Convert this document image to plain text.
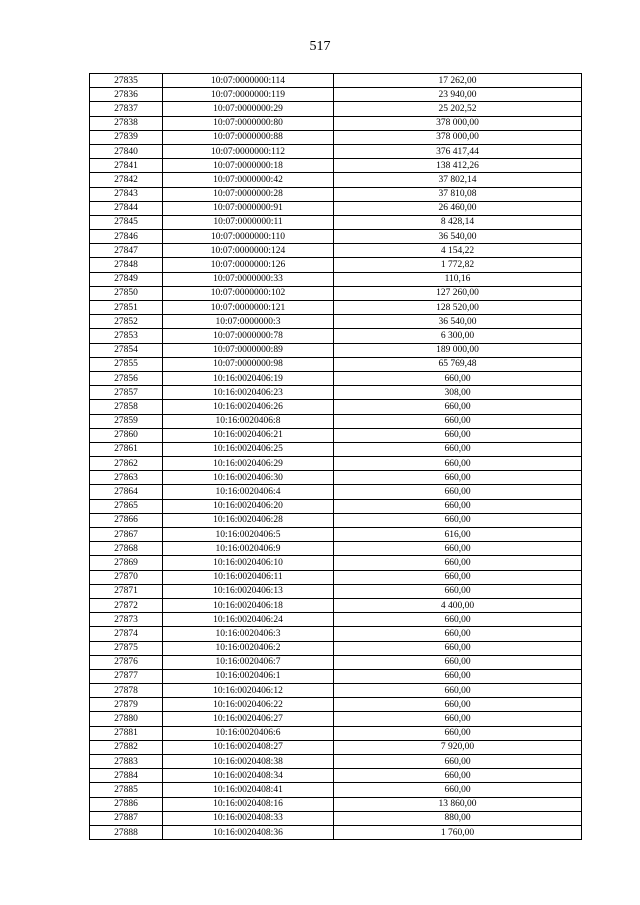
517
27835	10:07:0000000:114	17 262,00
27836	10:07:0000000:119	23 940,00
27837	10:07:0000000:29	25 202,52
27838	10:07:0000000:80	378 000,00
27839	10:07:0000000:88	378 000,00
27840	10:07:0000000:112	376 417,44
27841	10:07:0000000:18	138 412,26
27842	10:07:0000000:42	37 802,14
27843	10:07:0000000:28	37 810,08
27844	10:07:0000000:91	26 460,00
27845	10:07:0000000:11	8 428,14
27846	10:07:0000000:110	36 540,00
27847	10:07:0000000:124	4 154,22
27848	10:07:0000000:126	1 772,82
27849	10:07:0000000:33	110,16
27850	10:07:0000000:102	127 260,00
27851	10:07:0000000:121	128 520,00
27852	10:07:0000000:3	36 540,00
27853	10:07:0000000:78	6 300,00
27854	10:07:0000000:89	189 000,00
27855	10:07:0000000:98	65 769,48
27856	10:16:0020406:19	660,00
27857	10:16:0020406:23	308,00
27858	10:16:0020406:26	660,00
27859	10:16:0020406:8	660,00
27860	10:16:0020406:21	660,00
27861	10:16:0020406:25	660,00
27862	10:16:0020406:29	660,00
27863	10:16:0020406:30	660,00
27864	10:16:0020406:4	660,00
27865	10:16:0020406:20	660,00
27866	10:16:0020406:28	660,00
27867	10:16:0020406:5	616,00
27868	10:16:0020406:9	660,00
27869	10:16:0020406:10	660,00
27870	10:16:0020406:11	660,00
27871	10:16:0020406:13	660,00
27872	10:16:0020406:18	4 400,00
27873	10:16:0020406:24	660,00
27874	10:16:0020406:3	660,00
27875	10:16:0020406:2	660,00
27876	10:16:0020406:7	660,00
27877	10:16:0020406:1	660,00
27878	10:16:0020406:12	660,00
27879	10:16:0020406:22	660,00
27880	10:16:0020406:27	660,00
27881	10:16:0020406:6	660,00
27882	10:16:0020408:27	7 920,00
27883	10:16:0020408:38	660,00
27884	10:16:0020408:34	660,00
27885	10:16:0020408:41	660,00
27886	10:16:0020408:16	13 860,00
27887	10:16:0020408:33	880,00
27888	10:16:0020408:36	1 760,00
